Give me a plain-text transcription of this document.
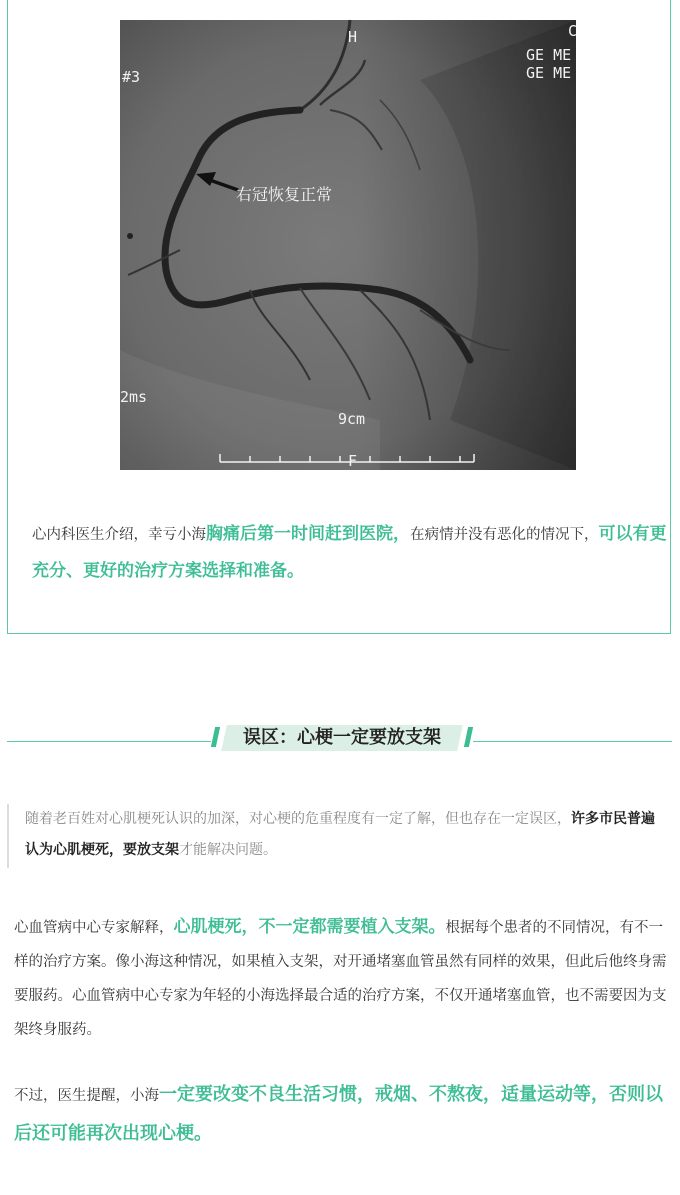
H	C
GE ME
GE ME
#3
2ms
9cm
F
右冠恢复正常

心内科医生介绍，幸亏小海胸痛后第一时间赶到医院，在病情并没有恶化的情况下，可以有更充分、更好的治疗方案选择和准备。

误区：心梗一定要放支架

随着老百姓对心肌梗死认识的加深，对心梗的危重程度有一定了解，但也存在一定误区，许多市民普遍认为心肌梗死，要放支架才能解决问题。

心血管病中心专家解释，心肌梗死，不一定都需要植入支架。根据每个患者的不同情况，有不一样的治疗方案。像小海这种情况，如果植入支架，对开通堵塞血管虽然有同样的效果，但此后他终身需要服药。心血管病中心专家为年轻的小海选择最合适的治疗方案，不仅开通堵塞血管，也不需要因为支架终身服药。

不过，医生提醒，小海一定要改变不良生活习惯，戒烟、不熬夜，适量运动等，否则以后还可能再次出现心梗。
